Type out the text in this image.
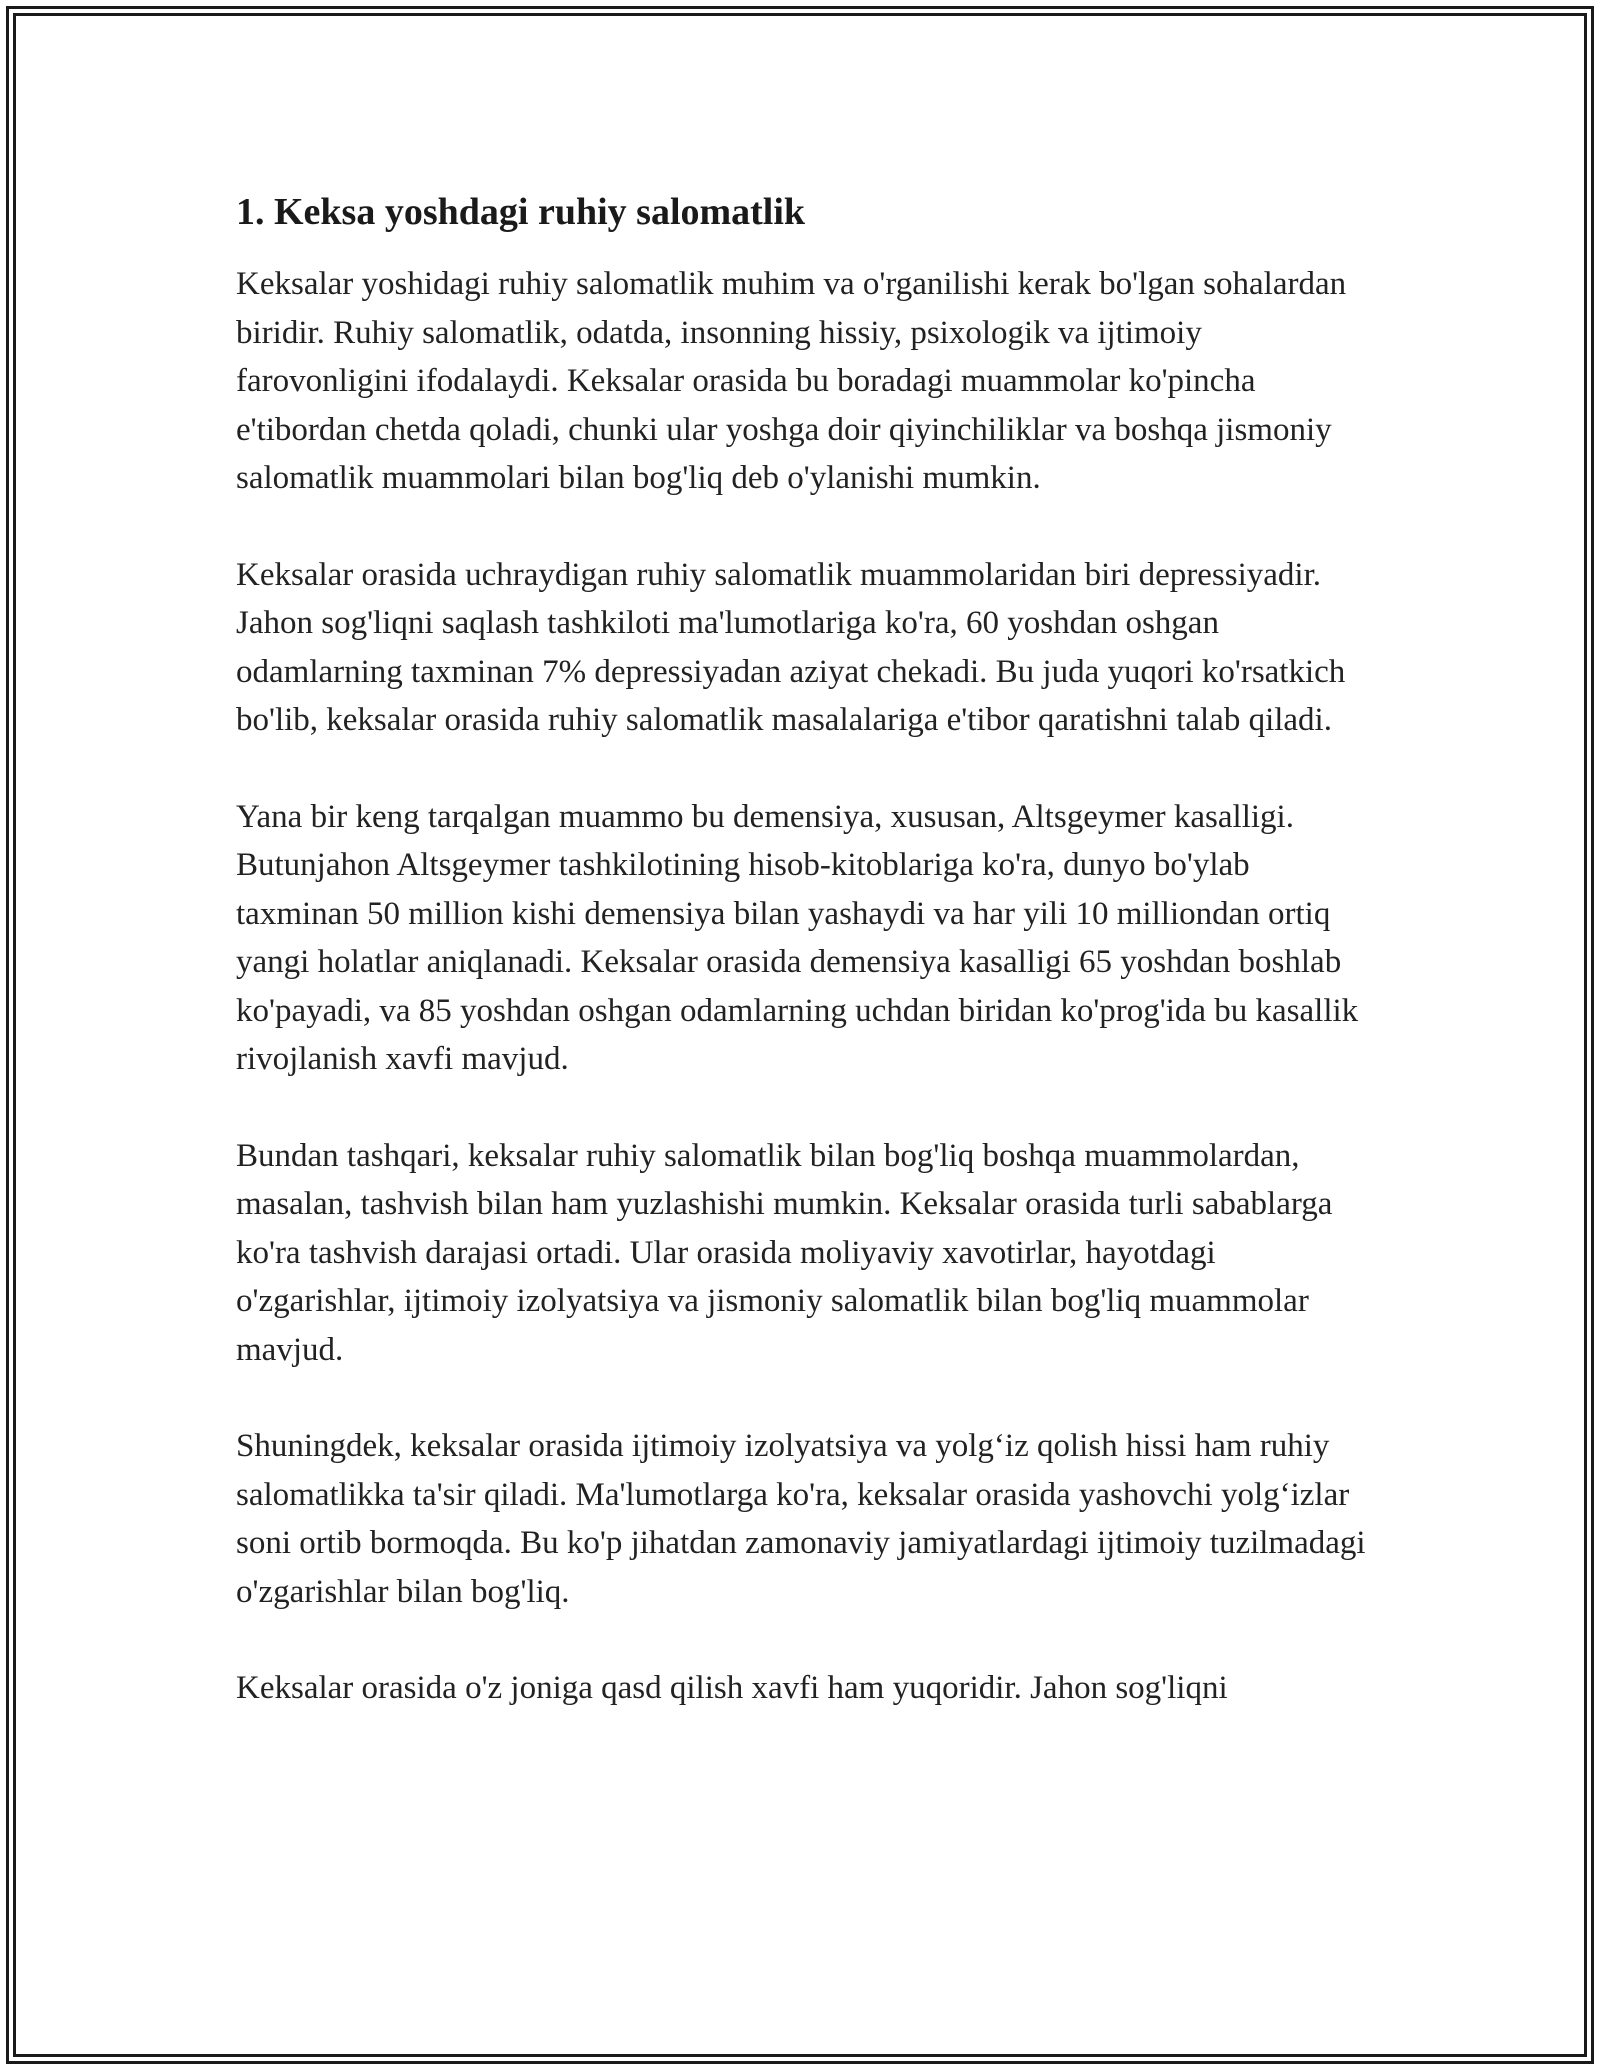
1. Keksa yoshdagi ruhiy salomatlik

Keksalar yoshidagi ruhiy salomatlik muhim va o'rganilishi kerak bo'lgan sohalardan biridir. Ruhiy salomatlik, odatda, insonning hissiy, psixologik va ijtimoiy farovonligini ifodalaydi. Keksalar orasida bu boradagi muammolar ko'pincha e'tibordan chetda qoladi, chunki ular yoshga doir qiyinchiliklar va boshqa jismoniy salomatlik muammolari bilan bog'liq deb o'ylanishi mumkin.

Keksalar orasida uchraydigan ruhiy salomatlik muammolaridan biri depressiyadir. Jahon sog'liqni saqlash tashkiloti ma'lumotlariga ko'ra, 60 yoshdan oshgan odamlarning taxminan 7% depressiyadan aziyat chekadi. Bu juda yuqori ko'rsatkich bo'lib, keksalar orasida ruhiy salomatlik masalalariga e'tibor qaratishni talab qiladi.

Yana bir keng tarqalgan muammo bu demensiya, xususan, Altsgeymer kasalligi. Butunjahon Altsgeymer tashkilotining hisob-kitoblariga ko'ra, dunyo bo'ylab taxminan 50 million kishi demensiya bilan yashaydi va har yili 10 milliondan ortiq yangi holatlar aniqlanadi. Keksalar orasida demensiya kasalligi 65 yoshdan boshlab ko'payadi, va 85 yoshdan oshgan odamlarning uchdan biridan ko'prog'ida bu kasallik rivojlanish xavfi mavjud.

Bundan tashqari, keksalar ruhiy salomatlik bilan bog'liq boshqa muammolardan, masalan, tashvish bilan ham yuzlashishi mumkin. Keksalar orasida turli sabablarga ko'ra tashvish darajasi ortadi. Ular orasida moliyaviy xavotirlar, hayotdagi o'zgarishlar, ijtimoiy izolyatsiya va jismoniy salomatlik bilan bog'liq muammolar mavjud.

Shuningdek, keksalar orasida ijtimoiy izolyatsiya va yolg‘iz qolish hissi ham ruhiy salomatlikka ta'sir qiladi. Ma'lumotlarga ko'ra, keksalar orasida yashovchi yolg‘izlar soni ortib bormoqda. Bu ko'p jihatdan zamonaviy jamiyatlardagi ijtimoiy tuzilmadagi o'zgarishlar bilan bog'liq.

Keksalar orasida o'z joniga qasd qilish xavfi ham yuqoridir. Jahon sog'liqni
